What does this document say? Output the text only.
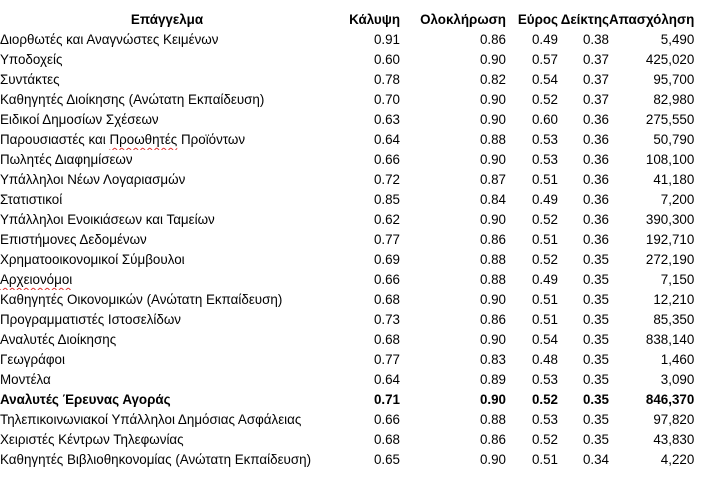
Επάγγελμα	Κάλυψη	Ολοκλήρωση	Εύρος	Δείκτης	Απασχόληση
Διορθωτές και Αναγνώστες Κειμένων	0.91	0.86	0.49	0.38	5,490
Υποδοχείς	0.60	0.90	0.57	0.37	425,020
Συντάκτες	0.78	0.82	0.54	0.37	95,700
Καθηγητές Διοίκησης (Ανώτατη Εκπαίδευση)	0.70	0.90	0.52	0.37	82,980
Ειδικοί Δημοσίων Σχέσεων	0.63	0.90	0.60	0.36	275,550
Παρουσιαστές και Προωθητές Προϊόντων	0.64	0.88	0.53	0.36	50,790
Πωλητές Διαφημίσεων	0.66	0.90	0.53	0.36	108,100
Υπάλληλοι Νέων Λογαριασμών	0.72	0.87	0.51	0.36	41,180
Στατιστικοί	0.85	0.84	0.49	0.36	7,200
Υπάλληλοι Ενοικιάσεων και Ταμείων	0.62	0.90	0.52	0.36	390,300
Επιστήμονες Δεδομένων	0.77	0.86	0.51	0.36	192,710
Χρηματοοικονομικοί Σύμβουλοι	0.69	0.88	0.52	0.35	272,190
Αρχειονόμοι	0.66	0.88	0.49	0.35	7,150
Καθηγητές Οικονομικών (Ανώτατη Εκπαίδευση)	0.68	0.90	0.51	0.35	12,210
Προγραμματιστές Ιστοσελίδων	0.73	0.86	0.51	0.35	85,350
Αναλυτές Διοίκησης	0.68	0.90	0.54	0.35	838,140
Γεωγράφοι	0.77	0.83	0.48	0.35	1,460
Μοντέλα	0.64	0.89	0.53	0.35	3,090
Αναλυτές Έρευνας Αγοράς	0.71	0.90	0.52	0.35	846,370
Τηλεπικοινωνιακοί Υπάλληλοι Δημόσιας Ασφάλειας	0.66	0.88	0.53	0.35	97,820
Χειριστές Κέντρων Τηλεφωνίας	0.68	0.86	0.52	0.35	43,830
Καθηγητές Βιβλιοθηκονομίας (Ανώτατη Εκπαίδευση)	0.65	0.90	0.51	0.34	4,220
